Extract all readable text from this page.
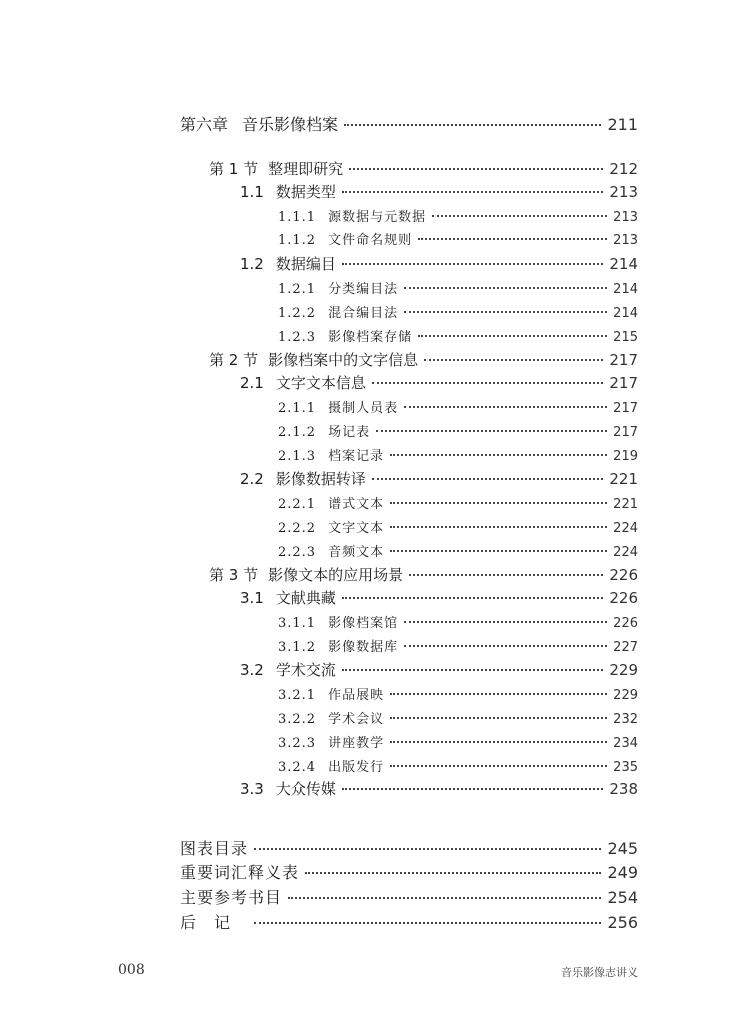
第六章 音乐影像档案	211
第 1 节 整理即研究	212
1.1 数据类型	213
1.1.1 源数据与元数据	213
1.1.2 文件命名规则	213
1.2 数据编目	214
1.2.1 分类编目法	214
1.2.2 混合编目法	214
1.2.3 影像档案存储	215
第 2 节 影像档案中的文字信息	217
2.1 文字文本信息	217
2.1.1 摄制人员表	217
2.1.2 场记表	217
2.1.3 档案记录	219
2.2 影像数据转译	221
2.2.1 谱式文本	221
2.2.2 文字文本	224
2.2.3 音频文本	224
第 3 节 影像文本的应用场景	226
3.1 文献典藏	226
3.1.1 影像档案馆	226
3.1.2 影像数据库	227
3.2 学术交流	229
3.2.1 作品展映	229
3.2.2 学术会议	232
3.2.3 讲座教学	234
3.2.4 出版发行	235
3.3 大众传媒	238
图表目录	245
重要词汇释义表	249
主要参考书目	254
后记	256
008	音乐影像志讲义
